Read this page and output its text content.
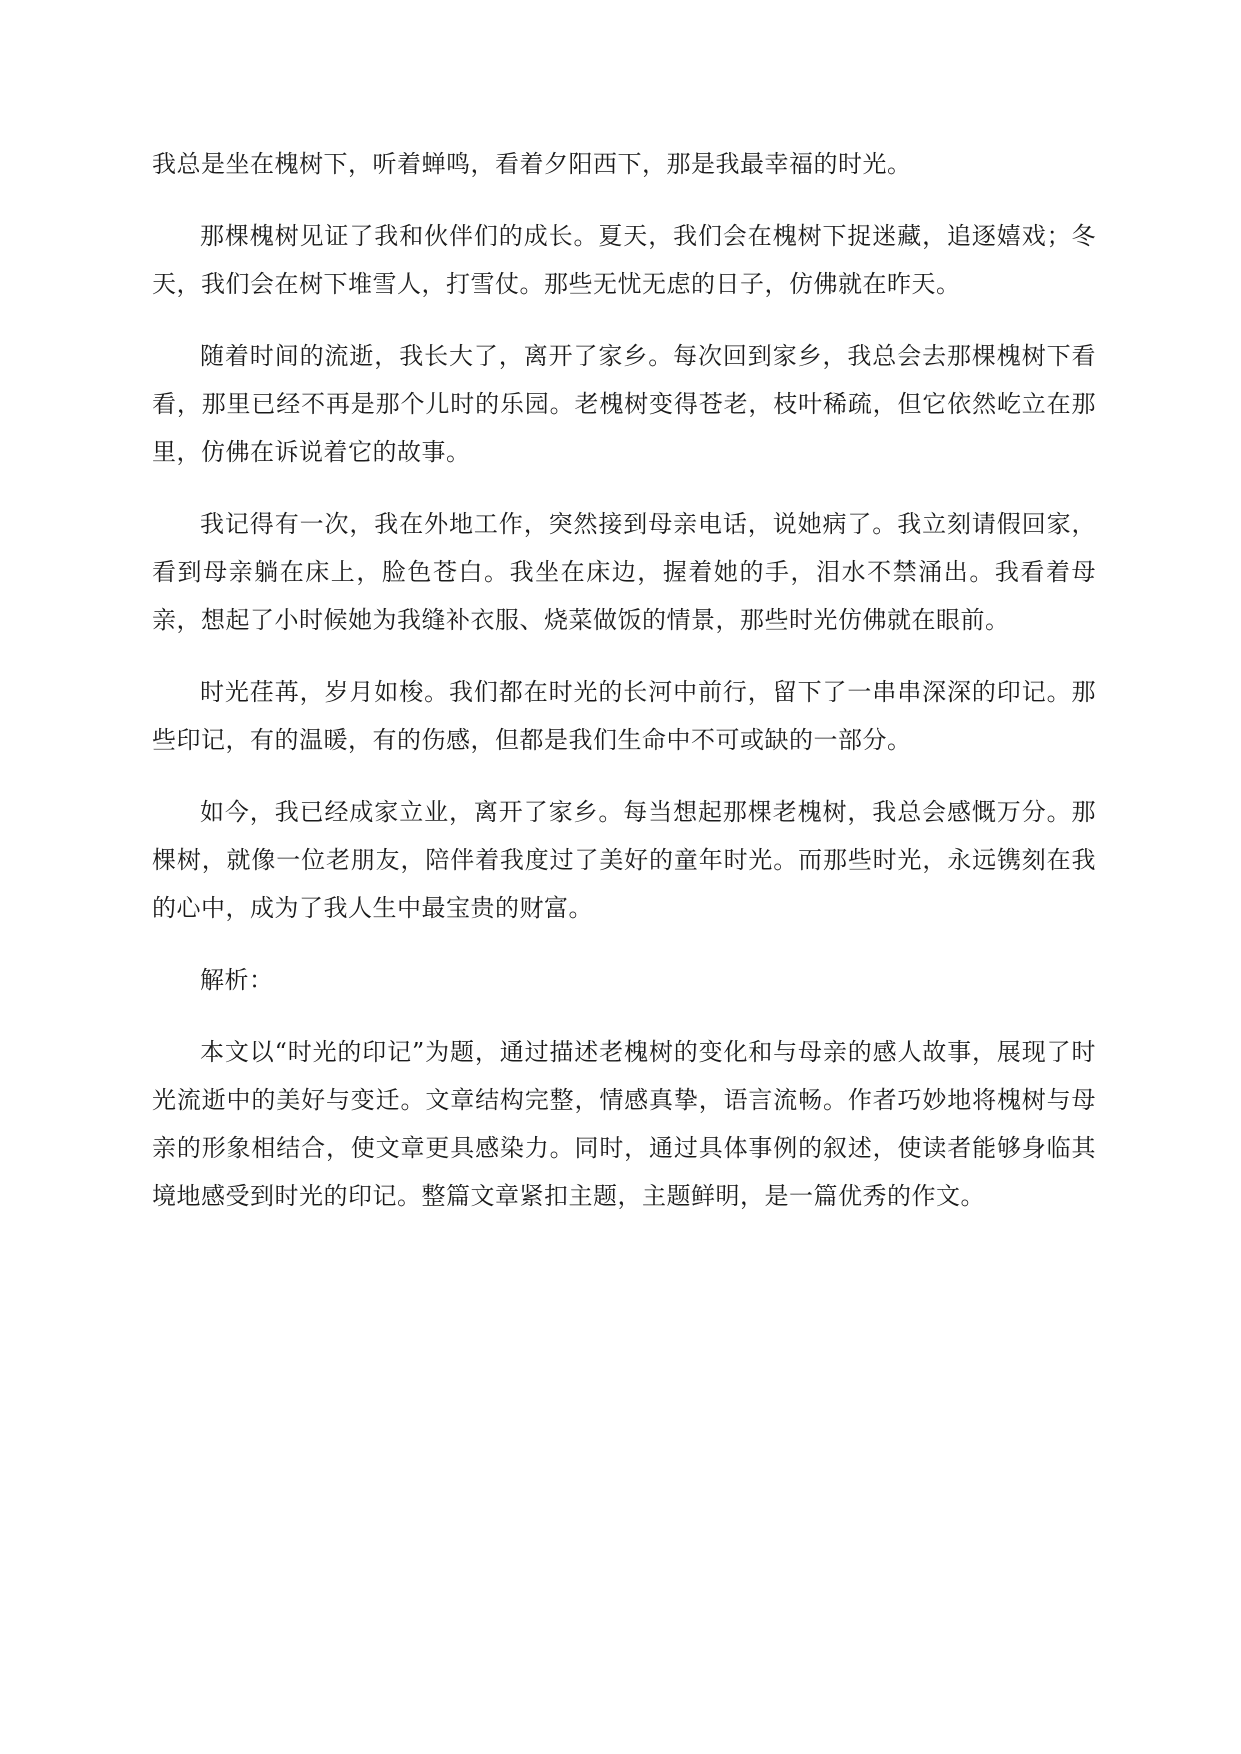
我总是坐在槐树下，听着蝉鸣，看着夕阳西下，那是我最幸福的时光。

那棵槐树见证了我和伙伴们的成长。夏天，我们会在槐树下捉迷藏，追逐嬉戏；冬天，我们会在树下堆雪人，打雪仗。那些无忧无虑的日子，仿佛就在昨天。

随着时间的流逝，我长大了，离开了家乡。每次回到家乡，我总会去那棵槐树下看看，那里已经不再是那个儿时的乐园。老槐树变得苍老，枝叶稀疏，但它依然屹立在那里，仿佛在诉说着它的故事。

我记得有一次，我在外地工作，突然接到母亲电话，说她病了。我立刻请假回家，看到母亲躺在床上，脸色苍白。我坐在床边，握着她的手，泪水不禁涌出。我看着母亲，想起了小时候她为我缝补衣服、烧菜做饭的情景，那些时光仿佛就在眼前。

时光荏苒，岁月如梭。我们都在时光的长河中前行，留下了一串串深深的印记。那些印记，有的温暖，有的伤感，但都是我们生命中不可或缺的一部分。

如今，我已经成家立业，离开了家乡。每当想起那棵老槐树，我总会感慨万分。那棵树，就像一位老朋友，陪伴着我度过了美好的童年时光。而那些时光，永远镌刻在我的心中，成为了我人生中最宝贵的财富。

解析：

本文以“时光的印记”为题，通过描述老槐树的变化和与母亲的感人故事，展现了时光流逝中的美好与变迁。文章结构完整，情感真挚，语言流畅。作者巧妙地将槐树与母亲的形象相结合，使文章更具感染力。同时，通过具体事例的叙述，使读者能够身临其境地感受到时光的印记。整篇文章紧扣主题，主题鲜明，是一篇优秀的作文。
